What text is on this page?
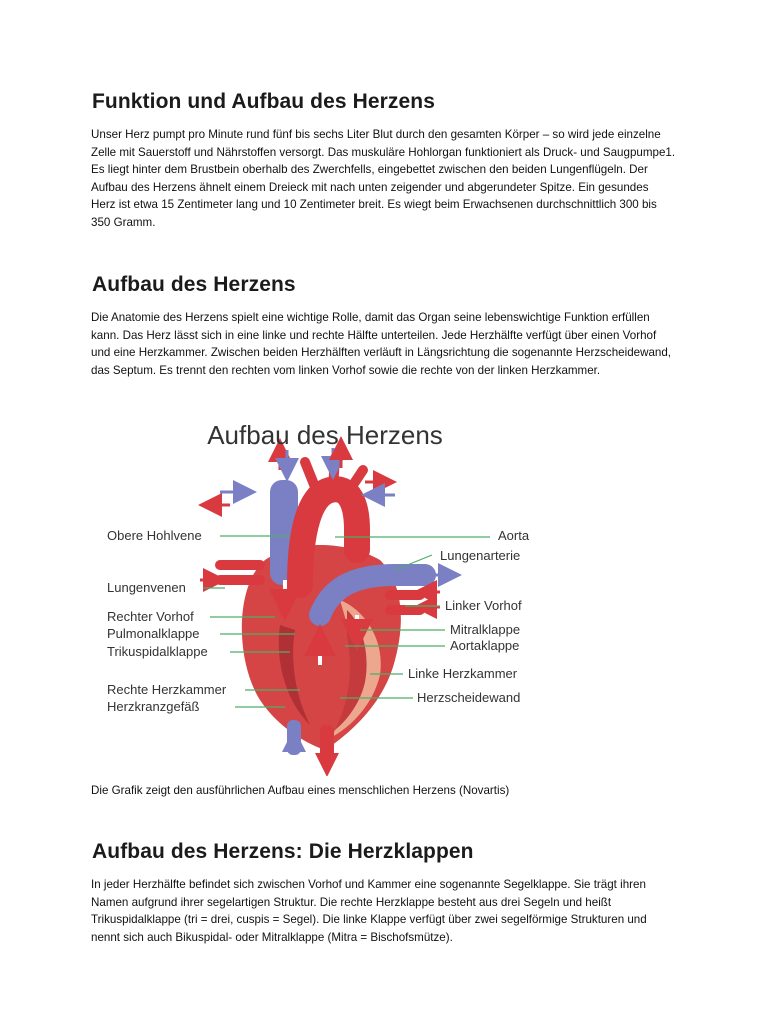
Funktion und Aufbau des Herzens

Unser Herz pumpt pro Minute rund fünf bis sechs Liter Blut durch den gesamten Körper – so wird jede einzelne Zelle mit Sauerstoff und Nährstoffen versorgt. Das muskuläre Hohlorgan funktioniert als Druck- und Saugpumpe1. Es liegt hinter dem Brustbein oberhalb des Zwerchfells, eingebettet zwischen den beiden Lungenflügeln. Der Aufbau des Herzens ähnelt einem Dreieck mit nach unten zeigender und abgerundeter Spitze. Ein gesundes Herz ist etwa 15 Zentimeter lang und 10 Zentimeter breit. Es wiegt beim Erwachsenen durchschnittlich 300 bis 350 Gramm.

Aufbau des Herzens

Die Anatomie des Herzens spielt eine wichtige Rolle, damit das Organ seine lebenswichtige Funktion erfüllen kann. Das Herz lässt sich in eine linke und rechte Hälfte unterteilen. Jede Herzhälfte verfügt über einen Vorhof und eine Herzkammer. Zwischen beiden Herzhälften verläuft in Längsrichtung die sogenannte Herzscheidewand, das Septum. Es trennt den rechten vom linken Vorhof sowie die rechte von der linken Herzkammer.

Aufbau des Herzens
Obere Hohlvene
Lungenvenen
Rechter Vorhof
Pulmonalklappe
Trikuspidalklappe
Rechte Herzkammer
Herzkranzgefäß
Aorta
Lungenarterie
Linker Vorhof
Mitralklappe
Aortaklappe
Linke Herzkammer
Herzscheidewand

Die Grafik zeigt den ausführlichen Aufbau eines menschlichen Herzens (Novartis)

Aufbau des Herzens: Die Herzklappen

In jeder Herzhälfte befindet sich zwischen Vorhof und Kammer eine sogenannte Segelklappe. Sie trägt ihren Namen aufgrund ihrer segelartigen Struktur. Die rechte Herzklappe besteht aus drei Segeln und heißt Trikuspidalklappe (tri = drei, cuspis = Segel). Die linke Klappe verfügt über zwei segelförmige Strukturen und nennt sich auch Bikuspidal- oder Mitralklappe (Mitra = Bischofsmütze).
